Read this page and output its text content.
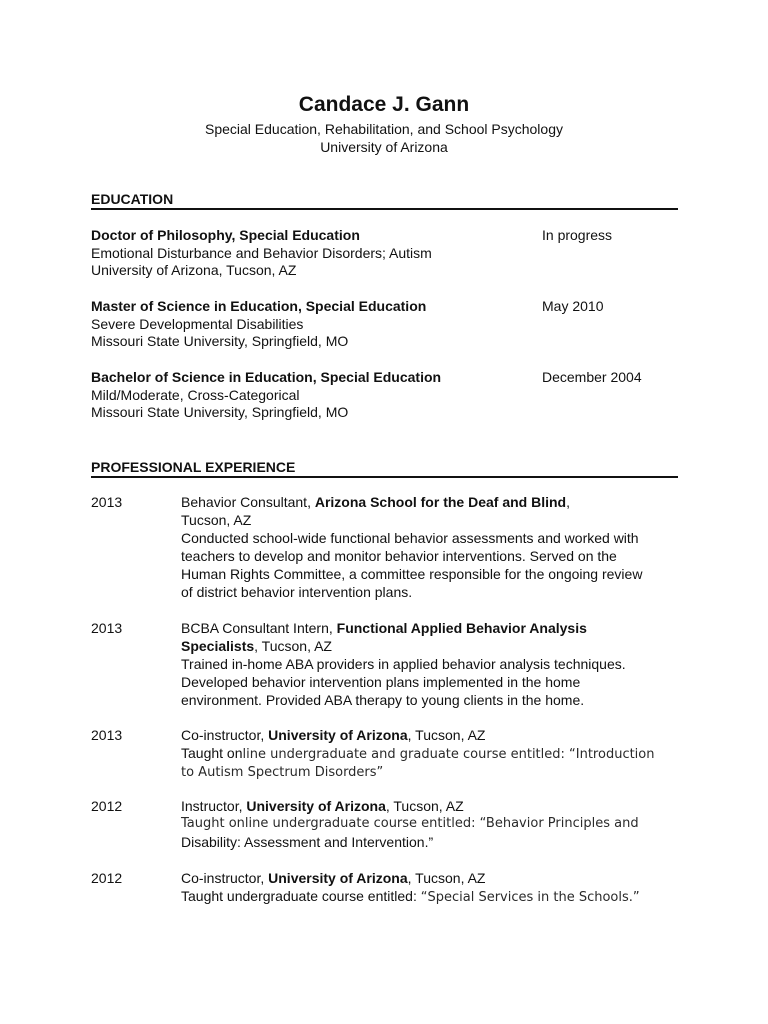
Candace J. Gann
Special Education, Rehabilitation, and School Psychology
University of Arizona
EDUCATION
Doctor of Philosophy, Special Education	In progress
Emotional Disturbance and Behavior Disorders; Autism
University of Arizona, Tucson, AZ
Master of Science in Education, Special Education	May 2010
Severe Developmental Disabilities
Missouri State University, Springfield, MO
Bachelor of Science in Education, Special Education	December 2004
Mild/Moderate, Cross-Categorical
Missouri State University, Springfield, MO
PROFESSIONAL EXPERIENCE
2013	Behavior Consultant, Arizona School for the Deaf and Blind,
Tucson, AZ
Conducted school-wide functional behavior assessments and worked with
teachers to develop and monitor behavior interventions. Served on the
Human Rights Committee, a committee responsible for the ongoing review
of district behavior intervention plans.
2013	BCBA Consultant Intern, Functional Applied Behavior Analysis
Specialists, Tucson, AZ
Trained in-home ABA providers in applied behavior analysis techniques.
Developed behavior intervention plans implemented in the home
environment. Provided ABA therapy to young clients in the home.
2013	Co-instructor, University of Arizona, Tucson, AZ
Taught online undergraduate and graduate course entitled: “Introduction
to Autism Spectrum Disorders”
2012	Instructor, University of Arizona, Tucson, AZ
Taught online undergraduate course entitled: “Behavior Principles and
Disability: Assessment and Intervention.”
2012	Co-instructor, University of Arizona, Tucson, AZ
Taught undergraduate course entitled: “Special Services in the Schools.”
